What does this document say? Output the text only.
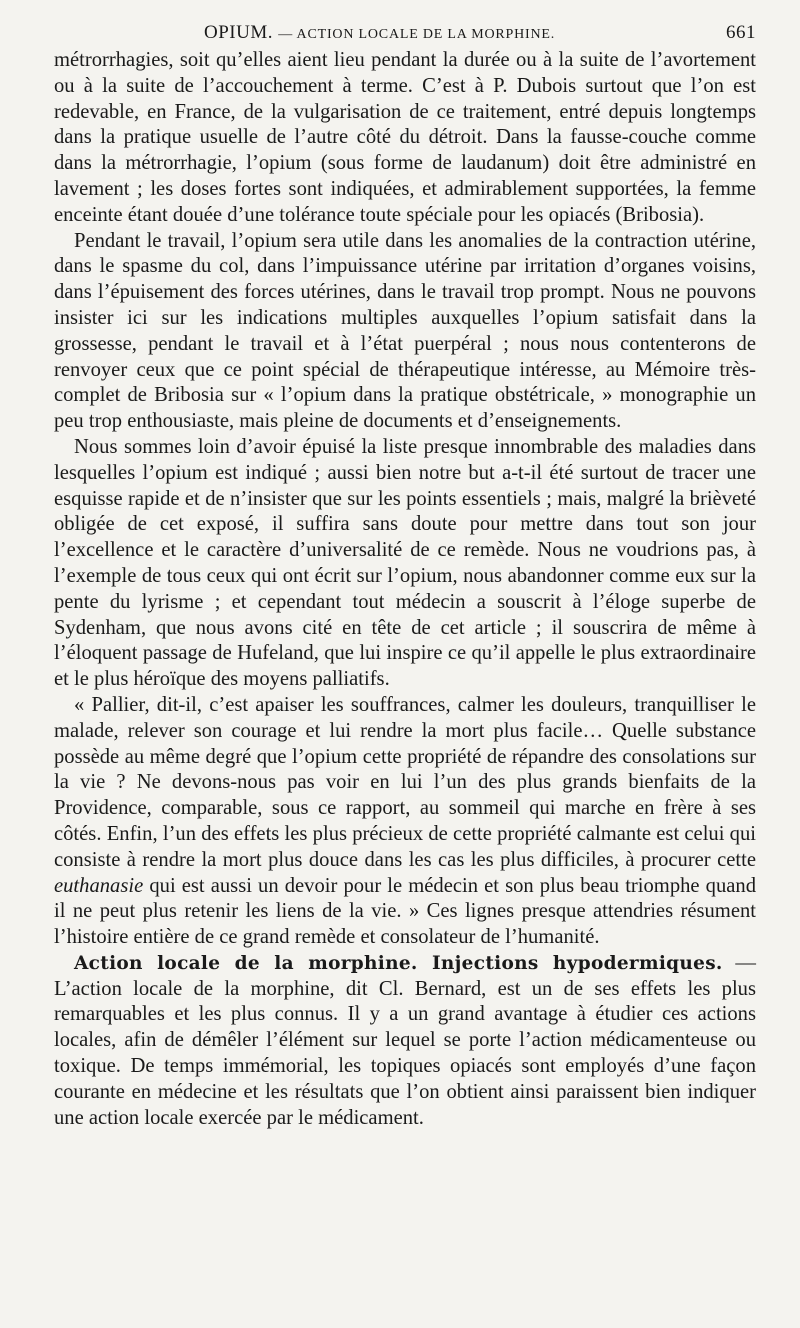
OPIUM. — ACTION LOCALE DE LA MORPHINE.	661

métrorrhagies, soit qu’elles aient lieu pendant la durée ou à la suite de l’avortement ou à la suite de l’accouchement à terme. C’est à P. Dubois surtout que l’on est redevable, en France, de la vulgarisation de ce traitement, entré depuis longtemps dans la pratique usuelle de l’autre côté du détroit. Dans la fausse-couche comme dans la métrorrhagie, l’opium (sous forme de laudanum) doit être administré en lavement ; les doses fortes sont indiquées, et admirablement supportées, la femme enceinte étant douée d’une tolérance toute spéciale pour les opiacés (Bribosia).

Pendant le travail, l’opium sera utile dans les anomalies de la contraction utérine, dans le spasme du col, dans l’impuissance utérine par irritation d’organes voisins, dans l’épuisement des forces utérines, dans le travail trop prompt. Nous ne pouvons insister ici sur les indications multiples auxquelles l’opium satisfait dans la grossesse, pendant le travail et à l’état puerpéral ; nous nous contenterons de renvoyer ceux que ce point spécial de thérapeutique intéresse, au Mémoire très-complet de Bribosia sur « l’opium dans la pratique obstétricale, » monographie un peu trop enthousiaste, mais pleine de documents et d’enseignements.

Nous sommes loin d’avoir épuisé la liste presque innombrable des maladies dans lesquelles l’opium est indiqué ; aussi bien notre but a-t-il été surtout de tracer une esquisse rapide et de n’insister que sur les points essentiels ; mais, malgré la brièveté obligée de cet exposé, il suffira sans doute pour mettre dans tout son jour l’excellence et le caractère d’universalité de ce remède. Nous ne voudrions pas, à l’exemple de tous ceux qui ont écrit sur l’opium, nous abandonner comme eux sur la pente du lyrisme ; et cependant tout médecin a souscrit à l’éloge superbe de Sydenham, que nous avons cité en tête de cet article ; il souscrira de même à l’éloquent passage de Hufeland, que lui inspire ce qu’il appelle le plus extraordinaire et le plus héroïque des moyens palliatifs.

« Pallier, dit-il, c’est apaiser les souffrances, calmer les douleurs, tranquilliser le malade, relever son courage et lui rendre la mort plus facile… Quelle substance possède au même degré que l’opium cette propriété de répandre des consolations sur la vie ? Ne devons-nous pas voir en lui l’un des plus grands bienfaits de la Providence, comparable, sous ce rapport, au sommeil qui marche en frère à ses côtés. Enfin, l’un des effets les plus précieux de cette propriété calmante est celui qui consiste à rendre la mort plus douce dans les cas les plus difficiles, à procurer cette euthanasie qui est aussi un devoir pour le médecin et son plus beau triomphe quand il ne peut plus retenir les liens de la vie. » Ces lignes presque attendries résument l’histoire entière de ce grand remède et consolateur de l’humanité.

Action locale de la morphine. Injections hypodermiques. — L’action locale de la morphine, dit Cl. Bernard, est un de ses effets les plus remarquables et les plus connus. Il y a un grand avantage à étudier ces actions locales, afin de démêler l’élément sur lequel se porte l’action médicamenteuse ou toxique. De temps immémorial, les topiques opiacés sont employés d’une façon courante en médecine et les résultats que l’on obtient ainsi paraissent bien indiquer une action locale exercée par le médicament.
